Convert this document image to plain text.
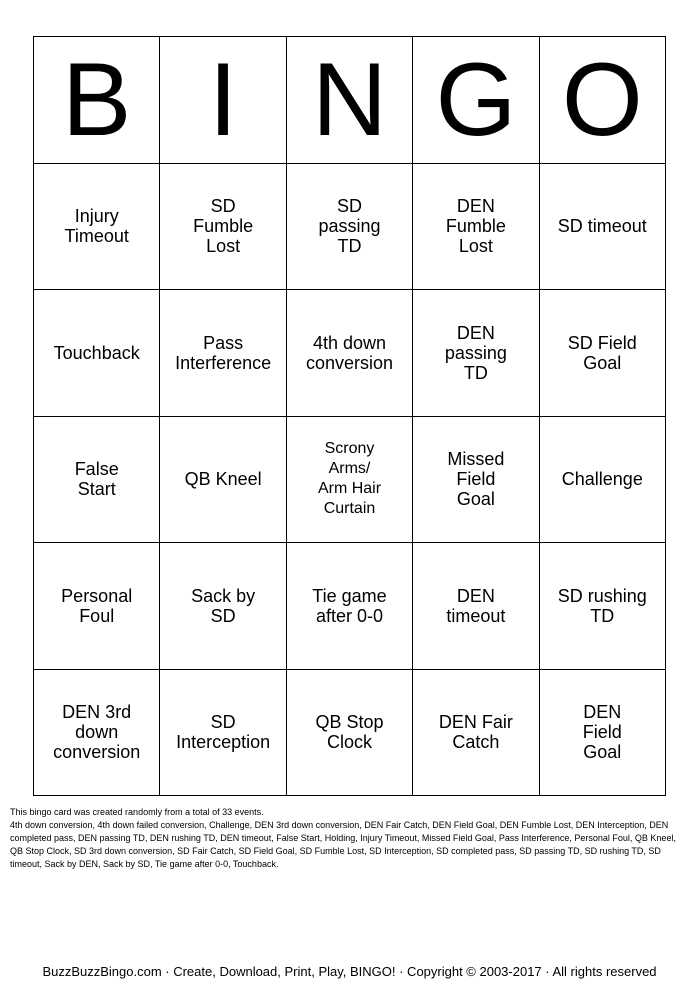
B I N G O
Injury
Timeout
SD
Fumble
Lost
SD
passing
TD
DEN
Fumble
Lost
SD timeout
Touchback	Pass
Interference
4th down
conversion
DEN
passing
TD
SD Field
Goal
False
Start	QB Kneel
Scrony
Arms/
Arm Hair
Curtain
Missed
Field
Goal
Challenge
Personal
Foul
Sack by
SD
Tie game
after 0-0
DEN
timeout
SD rushing
TD
DEN 3rd
down
conversion
SD
Interception
QB Stop
Clock
DEN Fair
Catch
DEN
Field
Goal
This bingo card was created randomly from a total of 33 events.
4th down conversion, 4th down failed conversion, Challenge, DEN 3rd down conversion, DEN Fair Catch, DEN Field Goal, DEN Fumble Lost, DEN Interception, DEN completed pass, DEN passing TD, DEN rushing TD, DEN timeout, False Start, Holding, Injury Timeout, Missed Field Goal, Pass Interference, Personal Foul, QB Kneel, QB Stop Clock, SD 3rd down conversion, SD Fair Catch, SD Field Goal, SD Fumble Lost, SD Interception, SD completed pass, SD passing TD, SD rushing TD, SD timeout, Sack by DEN, Sack by SD, Tie game after 0-0, Touchback.
BuzzBuzzBingo.com · Create, Download, Print, Play, BINGO! · Copyright © 2003-2017 · All rights reserved
